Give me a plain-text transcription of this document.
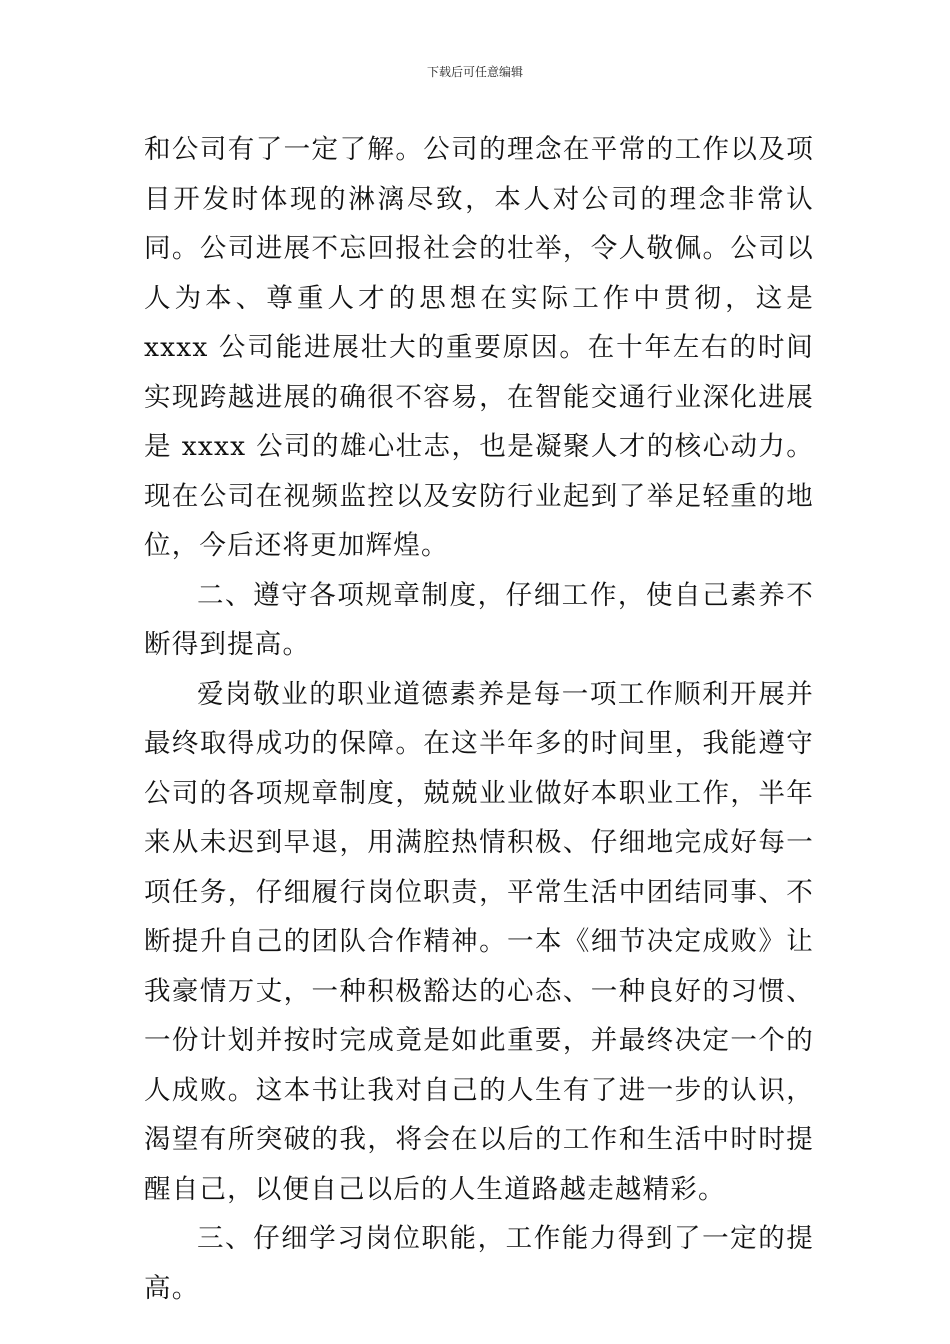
下载后可任意编辑

和公司有了一定了解。公司的理念在平常的工作以及项目开发时体现的淋漓尽致，本人对公司的理念非常认同。公司进展不忘回报社会的壮举，令人敬佩。公司以人为本、尊重人才的思想在实际工作中贯彻，这是 xxxx 公司能进展壮大的重要原因。在十年左右的时间实现跨越进展的确很不容易，在智能交通行业深化进展是 xxxx 公司的雄心壮志，也是凝聚人才的核心动力。现在公司在视频监控以及安防行业起到了举足轻重的地位，今后还将更加辉煌。

二、遵守各项规章制度，仔细工作，使自己素养不断得到提高。

爱岗敬业的职业道德素养是每一项工作顺利开展并最终取得成功的保障。在这半年多的时间里，我能遵守公司的各项规章制度，兢兢业业做好本职业工作，半年来从未迟到早退，用满腔热情积极、仔细地完成好每一项任务，仔细履行岗位职责，平常生活中团结同事、不断提升自己的团队合作精神。一本《细节决定成败》让我豪情万丈，一种积极豁达的心态、一种良好的习惯、一份计划并按时完成竟是如此重要，并最终决定一个的人成败。这本书让我对自己的人生有了进一步的认识，渴望有所突破的我，将会在以后的工作和生活中时时提醒自己，以便自己以后的人生道路越走越精彩。

三、仔细学习岗位职能，工作能力得到了一定的提高。
